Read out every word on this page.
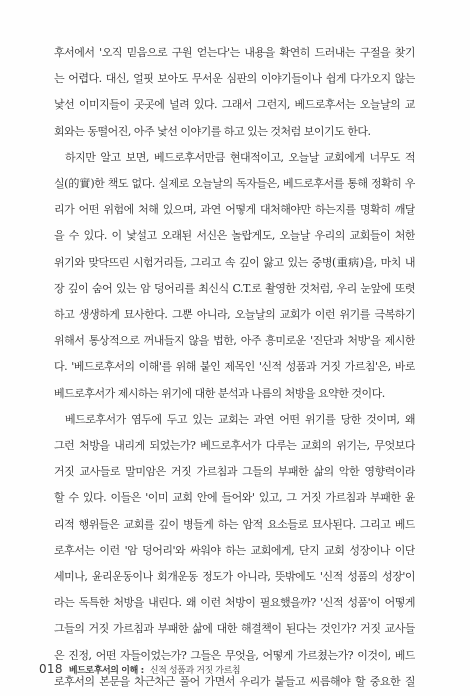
후서에서 '오직 믿음으로 구원 얻는다'는 내용을 확연히 드러내는 구절을 찾기
는 어렵다. 대신, 얼핏 보아도 무서운 심판의 이야기들이나 쉽게 다가오지 않는
낯선 이미지들이 곳곳에 널려 있다. 그래서 그런지, 베드로후서는 오늘날의 교
회와는 동떨어진, 아주 낯선 이야기를 하고 있는 것처럼 보이기도 한다.
하지만 알고 보면, 베드로후서만큼 현대적이고, 오늘날 교회에게 너무도 적
실(的實)한 책도 없다. 실제로 오늘날의 독자들은, 베드로후서를 통해 정확히 우
리가 어떤 위험에 처해 있으며, 과연 어떻게 대처해야만 하는지를 명확히 깨달
을 수 있다. 이 낯설고 오래된 서신은 놀랍게도, 오늘날 우리의 교회들이 처한
위기와 맞닥뜨린 시험거리들, 그리고 속 깊이 앓고 있는 중병(重病)을, 마치 내
장 깊이 숨어 있는 암 덩어리를 최신식 C.T.로 촬영한 것처럼, 우리 눈앞에 또렷
하고 생생하게 묘사한다. 그뿐 아니라, 오늘날의 교회가 이런 위기를 극복하기
위해서 통상적으로 꺼내들지 않을 법한, 아주 흥미로운 '진단과 처방'을 제시한
다. '베드로후서의 이해'를 위해 붙인 제목인 '신적 성품과 거짓 가르침'은, 바로
베드로후서가 제시하는 위기에 대한 분석과 나름의 처방을 요약한 것이다.
베드로후서가 염두에 두고 있는 교회는 과연 어떤 위기를 당한 것이며, 왜
그런 처방을 내리게 되었는가? 베드로후서가 다루는 교회의 위기는, 무엇보다
거짓 교사들로 말미암은 거짓 가르침과 그들의 부패한 삶의 악한 영향력이라
할 수 있다. 이들은 '이미 교회 안에 들어와' 있고, 그 거짓 가르침과 부패한 윤
리적 행위들은 교회를 깊이 병들게 하는 암적 요소들로 묘사된다. 그리고 베드
로후서는 이런 '암 덩어리'와 싸워야 하는 교회에게, 단지 교회 성장이나 이단
세미나, 윤리운동이나 회개운동 정도가 아니라, 뜻밖에도 '신적 성품의 성장'이
라는 독특한 처방을 내린다. 왜 이런 처방이 필요했을까? '신적 성품'이 어떻게
그들의 거짓 가르침과 부패한 삶에 대한 해결책이 된다는 것인가? 거짓 교사들
은 진정, 어떤 자들이었는가? 그들은 무엇을, 어떻게 가르쳤는가? 이것이, 베드
로후서의 본문을 차근차근 풀어 가면서 우리가 붙들고 씨름해야 할 중요한 질
018 베드로후서의 이해 : 신적 성품과 거짓 가르침
